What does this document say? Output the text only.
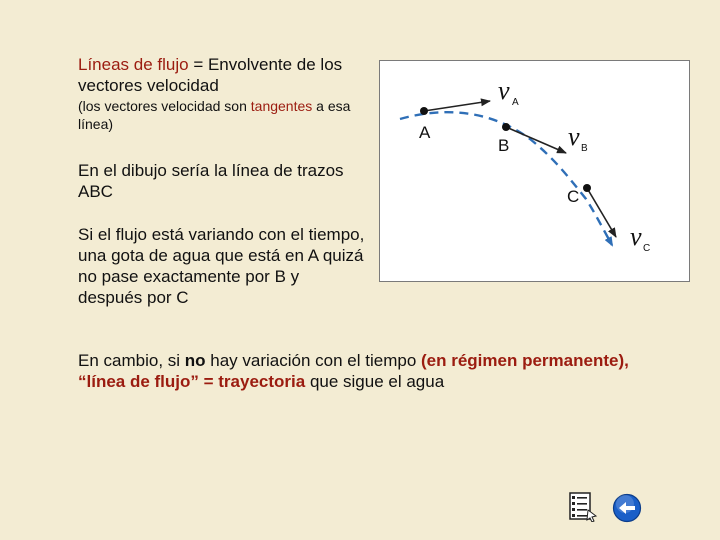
Líneas de flujo = Envolvente de los vectores velocidad
(los vectores velocidad son tangentes a esa línea)
En el dibujo sería la línea de trazos ABC
Si el flujo está variando con el tiempo, una gota de agua que está en A quizá no pase exactamente por B y después por C
En cambio, si no hay variación con el tiempo (en régimen permanente), “línea de flujo” = trayectoria que sigue el agua
A
B
C
v A
v B
v C
